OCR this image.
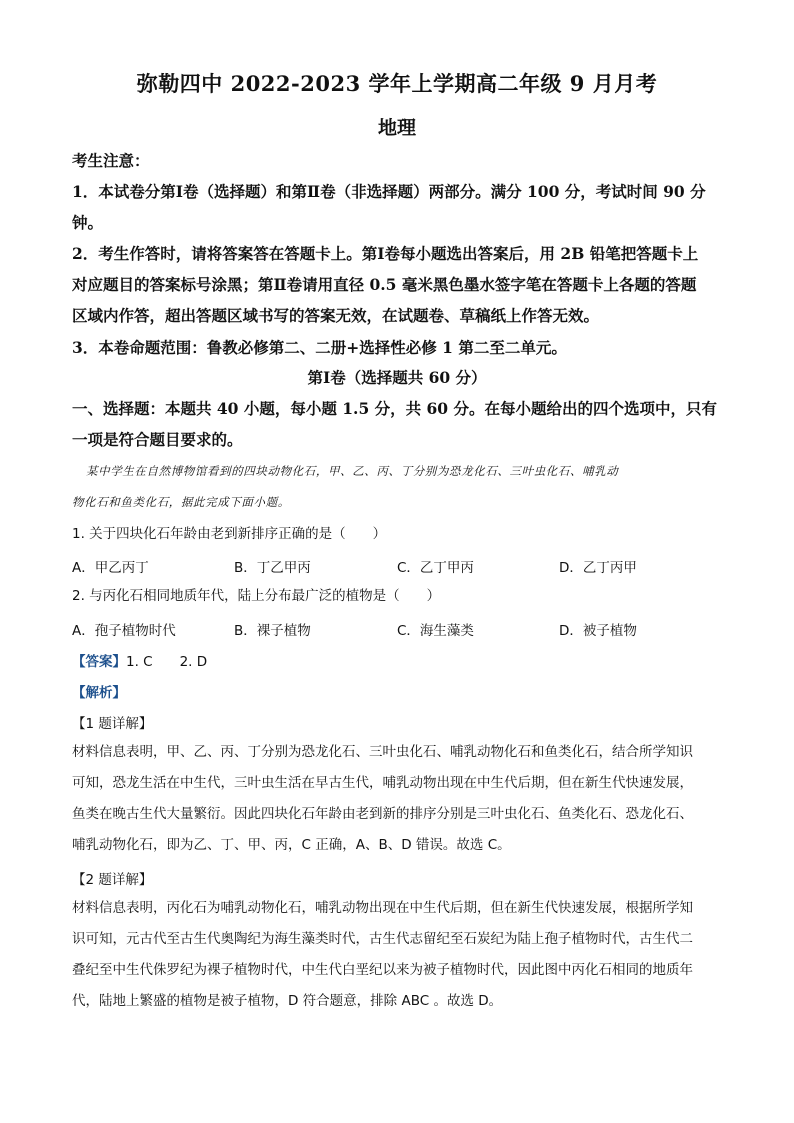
弥勒四中 2022-2023 学年上学期高二年级 9 月月考
地理
考生注意：
1．本试卷分第Ⅰ卷（选择题）和第Ⅱ卷（非选择题）两部分。满分 100 分，考试时间 90 分
钟。
2．考生作答时，请将答案答在答题卡上。第Ⅰ卷每小题选出答案后，用 2B 铅笔把答题卡上
对应题目的答案标号涂黑；第Ⅱ卷请用直径 0.5 毫米黑色墨水签字笔在答题卡上各题的答题
区域内作答，超出答题区域书写的答案无效，在试题卷、草稿纸上作答无效。
3．本卷命题范围：鲁教必修第二、二册+选择性必修 1 第二至二单元。
第Ⅰ卷（选择题共 60 分）
一、选择题：本题共 40 小题，每小题 1.5 分，共 60 分。在每小题给出的四个选项中，只有
一项是符合题目要求的。
某中学生在自然博物馆看到的四块动物化石，甲、乙、丙、丁分别为恐龙化石、三叶虫化石、哺乳动
物化石和鱼类化石，据此完成下面小题。
1. 关于四块化石年龄由老到新排序正确的是（　　）
A．甲乙丙丁	B．丁乙甲丙	C．乙丁甲丙	D．乙丁丙甲
2. 与丙化石相同地质年代，陆上分布最广泛的植物是（　　）
A．孢子植物时代	B．裸子植物	C．海生藻类	D．被子植物
【答案】1. C　　2. D
【解析】
【1 题详解】
材料信息表明，甲、乙、丙、丁分别为恐龙化石、三叶虫化石、哺乳动物化石和鱼类化石，结合所学知识
可知，恐龙生活在中生代，三叶虫生活在早古生代，哺乳动物出现在中生代后期，但在新生代快速发展，
鱼类在晚古生代大量繁衍。因此四块化石年龄由老到新的排序分别是三叶虫化石、鱼类化石、恐龙化石、
哺乳动物化石，即为乙、丁、甲、丙，C 正确，A、B、D 错误。故选 C。
【2 题详解】
材料信息表明，丙化石为哺乳动物化石，哺乳动物出现在中生代后期，但在新生代快速发展，根据所学知
识可知，元古代至古生代奥陶纪为海生藻类时代，古生代志留纪至石炭纪为陆上孢子植物时代，古生代二
叠纪至中生代侏罗纪为裸子植物时代，中生代白垩纪以来为被子植物时代，因此图中丙化石相同的地质年
代，陆地上繁盛的植物是被子植物，D 符合题意，排除 ABC 。故选 D。
